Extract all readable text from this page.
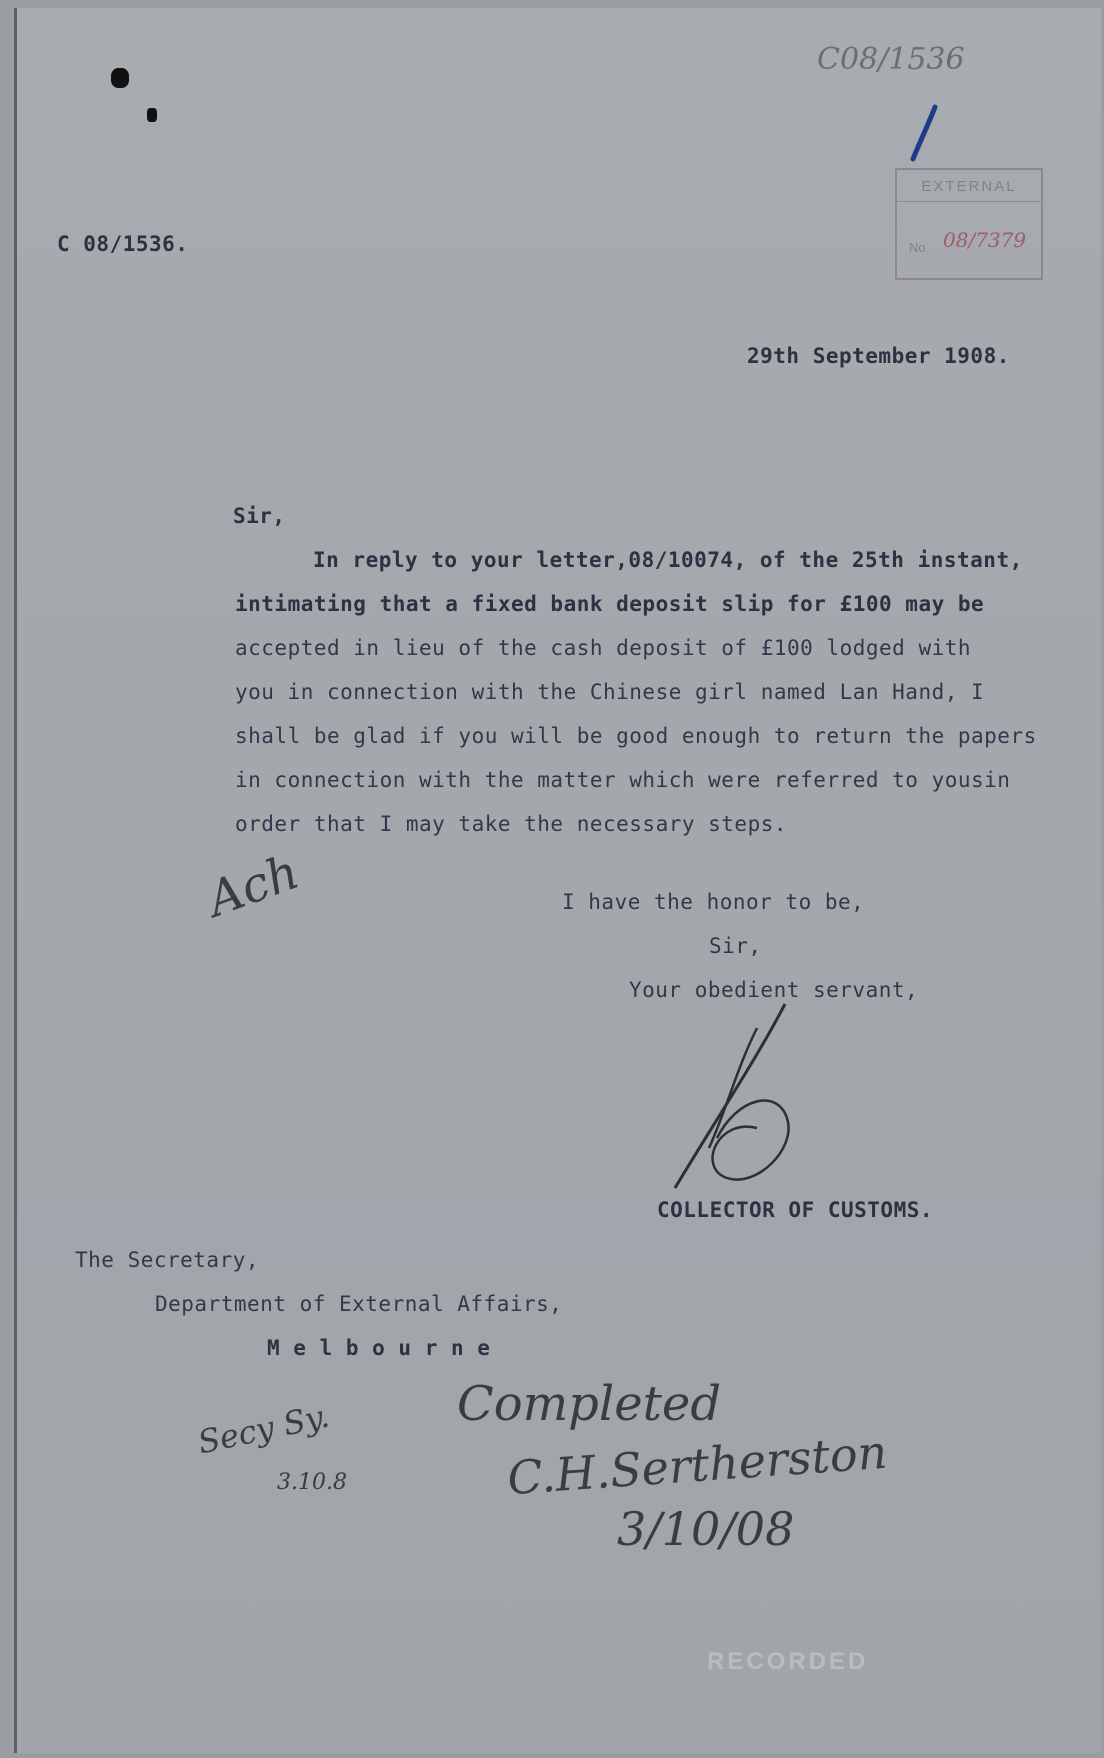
C08/1536
EXTERNAL
No 08/7379
C 08/1536.
29th September 1908.
Sir,
In reply to your letter,08/10074, of the 25th instant,
intimating that a fixed bank deposit slip for £100 may be
accepted in lieu of the cash deposit of £100 lodged with
you in connection with the Chinese girl named Lan Hand, I
shall be glad if you will be good enough to return the papers
in connection with the matter which were referred to yousin
order that I may take the necessary steps.
Ach	I have the honor to be,
Sir,
Your obedient servant,
COLLECTOR OF CUSTOMS.
The Secretary,
Department of External Affairs,
M e l b o u r n e
Secy Sy.
3.10.8
Completed
C.H.Sertherston
3/10/08
RECORDED
